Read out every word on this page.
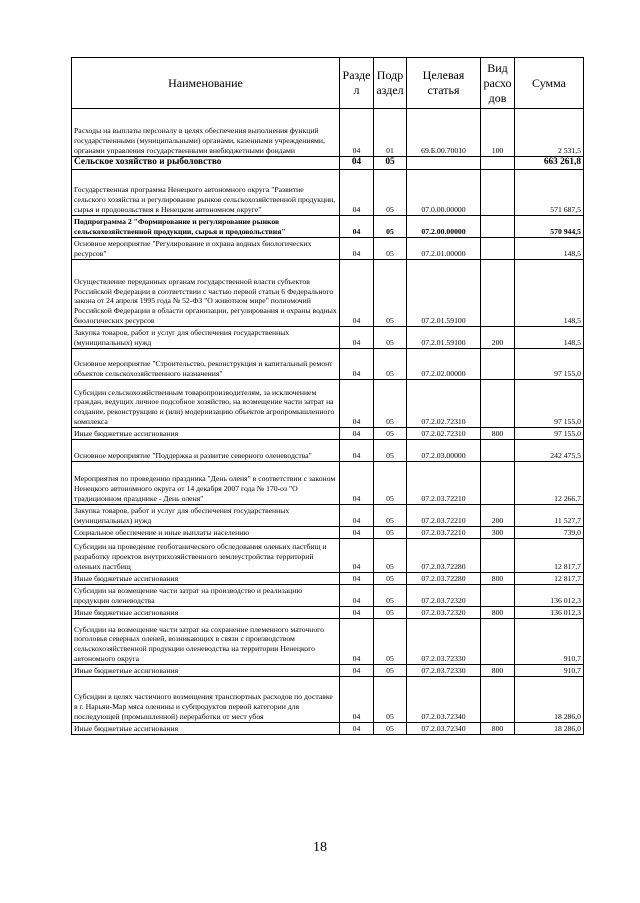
Наименование	Разде л	Подр аздел	Целевая статья	Вид расхо дов	Сумма
Расходы на выплаты персоналу в целях обеспечения выполнения функций государственными (муниципальными) органами, казенными учреждениями, органами управления государственными внебюджетными фондами	04	01	69.Б.00.70010	100	2 531,5
Сельское хозяйство и рыболовство	04	05			663 261,8
Государственная программа Ненецкого автономного округа "Развитие сельского хозяйства и регулирование рынков сельскохозяйственной продукции, сырья и продовольствия в Ненецком автономном округе"	04	05	07.0.00.00000		571 687,5
Подпрограмма 2 "Формирование и регулирование рынков сельскохозяйственной продукции, сырья и продовольствия"	04	05	07.2.00.00000		570 944,5
Основное мероприятие "Регулирование и охрана водных биологических ресурсов"	04	05	07.2.01.00000		148,5
Осуществление переданных органам государственной власти субъектов Российской Федерации в соответствии с частью первой статьи 6 Федерального закона от 24 апреля 1995 года № 52-ФЗ "О животном мире" полномочий Российской Федерации в области организации, регулирования и охраны водных биологических ресурсов	04	05	07.2.01.59100		148,5
Закупка товаров, работ и услуг для обеспечения государственных (муниципальных) нужд	04	05	07.2.01.59100	200	148,5
Основное мероприятие "Строительство, реконструкция и капитальный ремонт объектов сельскохозяйственного назначения"	04	05	07.2.02.00000		97 155,0
Субсидии сельскохозяйственным товаропроизводителям, за исключением граждан, ведущих личное подсобное хозяйство, на возмещение части затрат на создание, реконструкцию и (или) модернизацию объектов агропромышленного комплекса	04	05	07.2.02.72310		97 155,0
Иные бюджетные ассигнования	04	05	07.2.02.72310	800	97 155,0
Основное мероприятие "Поддержка и развитие северного оленеводства"	04	05	07.2.03.00000		242 475,5
Мероприятия по проведению праздника "День оленя" в соответствии с законом Ненецкого автономного округа от 14 декабря 2007 года № 170-оз "О традиционном празднике - День оленя"	04	05	07.2.03.72210		12 266,7
Закупка товаров, работ и услуг для обеспечения государственных (муниципальных) нужд	04	05	07.2.03.72210	200	11 527,7
Социальное обеспечение и иные выплаты населению	04	05	07.2.03.72210	300	739,0
Субсидии на проведение геоботанического обследования оленьих пастбищ и разработку проектов внутрихозяйственного землеустройства территорий оленьих пастбищ	04	05	07.2.03.72280		12 817,7
Иные бюджетные ассигнования	04	05	07.2.03.72280	800	12 817,7
Субсидии на возмещение части затрат на производство и реализацию продукции оленеводства	04	05	07.2.03.72320		136 012,3
Иные бюджетные ассигнования	04	05	07.2.03.72320	800	136 012,3
Субсидии на возмещение части затрат на сохранение племенного маточного поголовья северных оленей, возникающих в связи с производством сельскохозяйственной продукции оленеводства на территории Ненецкого автономного округа	04	05	07.2.03.72330		910,7
Иные бюджетные ассигнования	04	05	07.2.03.72330	800	910,7
Субсидии в целях частичного возмещения транспортных расходов по доставке в г. Нарьян-Мар мяса оленины и субпродуктов первой категории для последующей (промышленной) переработки от мест убоя	04	05	07.2.03.72340		18 286,0
Иные бюджетные ассигнования	04	05	07.2.03.72340	800	18 286,0
18
